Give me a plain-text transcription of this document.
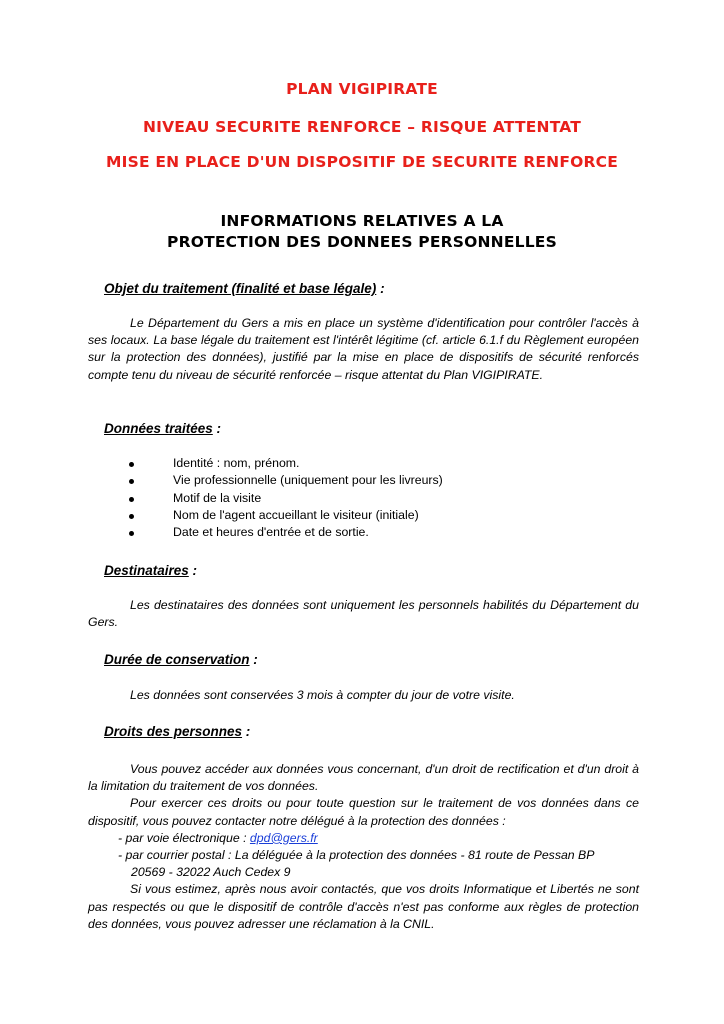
PLAN VIGIPIRATE
NIVEAU SECURITE RENFORCE – RISQUE ATTENTAT
MISE EN PLACE D'UN DISPOSITIF DE SECURITE RENFORCE
INFORMATIONS RELATIVES A LA
PROTECTION DES DONNEES PERSONNELLES
Objet du traitement (finalité et base légale) :

Le Département du Gers a mis en place un système d'identification pour contrôler l'accès à ses locaux. La base légale du traitement est l'intérêt légitime (cf. article 6.1.f du Règlement européen sur la protection des données), justifié par la mise en place de dispositifs de sécurité renforcés compte tenu du niveau de sécurité renforcée – risque attentat du Plan VIGIPIRATE.

Données traitées :
Identité : nom, prénom.
Vie professionnelle (uniquement pour les livreurs)
Motif de la visite
Nom de l'agent accueillant le visiteur (initiale)
Date et heures d'entrée et de sortie.
Destinataires :

Les destinataires des données sont uniquement les personnels habilités du Département du Gers.

Durée de conservation :

Les données sont conservées 3 mois à compter du jour de votre visite.

Droits des personnes :

Vous pouvez accéder aux données vous concernant, d'un droit de rectification et d'un droit à la limitation du traitement de vos données.

Pour exercer ces droits ou pour toute question sur le traitement de vos données dans ce dispositif, vous pouvez contacter notre délégué à la protection des données :

- par voie électronique : dpd@gers.fr
- par courrier postal : La déléguée à la protection des données - 81 route de Pessan BP
20569 - 32022 Auch Cedex 9

Si vous estimez, après nous avoir contactés, que vos droits Informatique et Libertés ne sont pas respectés ou que le dispositif de contrôle d'accès n'est pas conforme aux règles de protection des données, vous pouvez adresser une réclamation à la CNIL.
